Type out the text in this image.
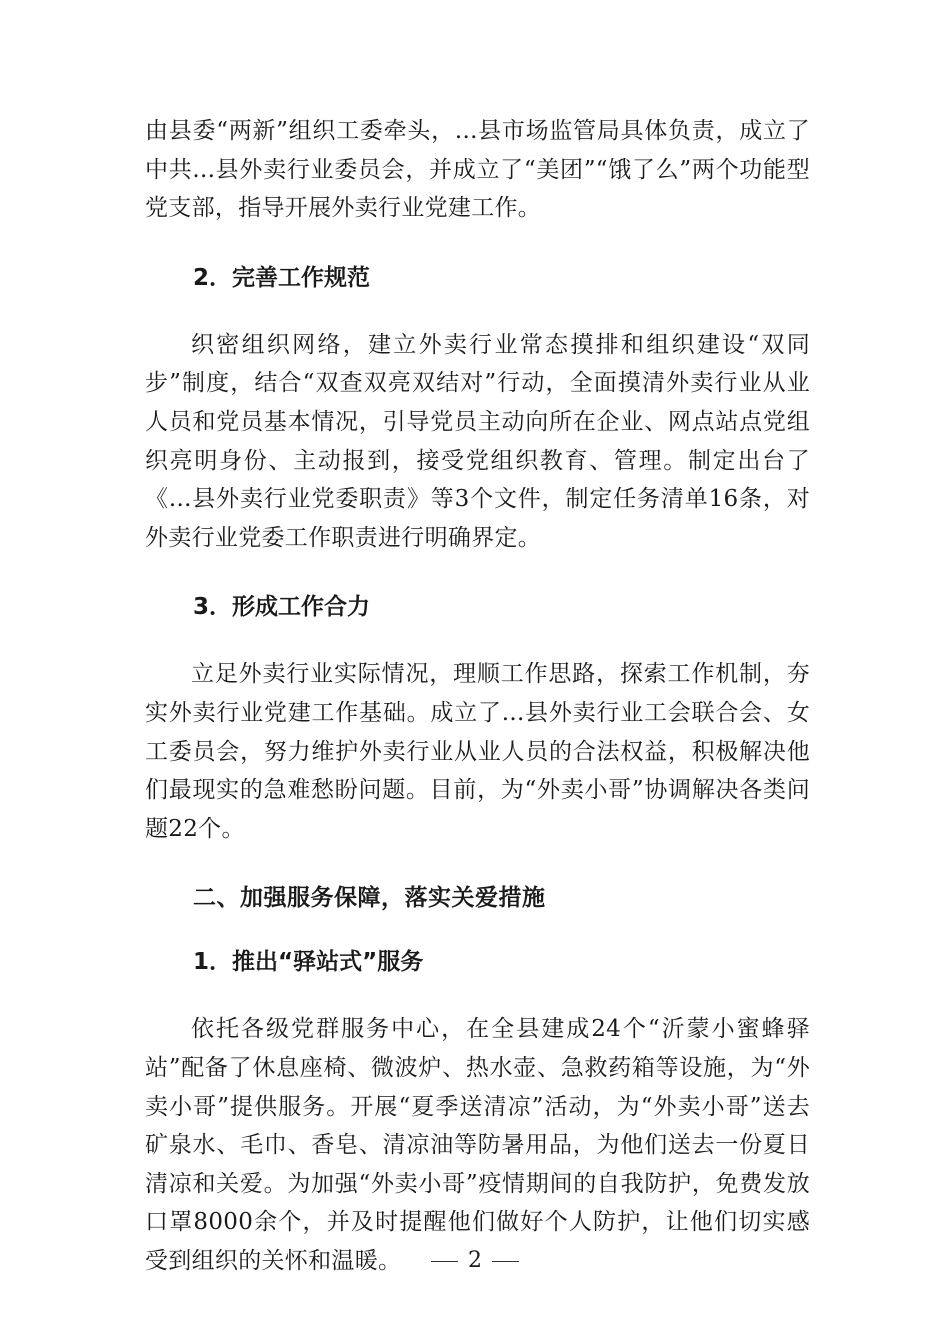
由县委“两新”组织工委牵头，...县市场监管局具体负责，成立了中共...县外卖行业委员会，并成立了“美团”“饿了么”两个功能型党支部，指导开展外卖行业党建工作。

2．完善工作规范

织密组织网络，建立外卖行业常态摸排和组织建设“双同步”制度，结合“双查双亮双结对”行动，全面摸清外卖行业从业人员和党员基本情况，引导党员主动向所在企业、网点站点党组织亮明身份、主动报到，接受党组织教育、管理。制定出台了《...县外卖行业党委职责》等3个文件，制定任务清单16条，对外卖行业党委工作职责进行明确界定。

3．形成工作合力

立足外卖行业实际情况，理顺工作思路，探索工作机制，夯实外卖行业党建工作基础。成立了...县外卖行业工会联合会、女工委员会，努力维护外卖行业从业人员的合法权益，积极解决他们最现实的急难愁盼问题。目前，为“外卖小哥”协调解决各类问题22个。

二、加强服务保障，落实关爱措施
1．推出“驿站式”服务

依托各级党群服务中心，在全县建成24个“沂蒙小蜜蜂驿站”配备了休息座椅、微波炉、热水壶、急救药箱等设施，为“外卖小哥”提供服务。开展“夏季送清凉”活动，为“外卖小哥”送去矿泉水、毛巾、香皂、清凉油等防暑用品，为他们送去一份夏日清凉和关爱。为加强“外卖小哥”疫情期间的自我防护，免费发放口罩8000余个，并及时提醒他们做好个人防护，让他们切实感受到组织的关怀和温暖。	2
